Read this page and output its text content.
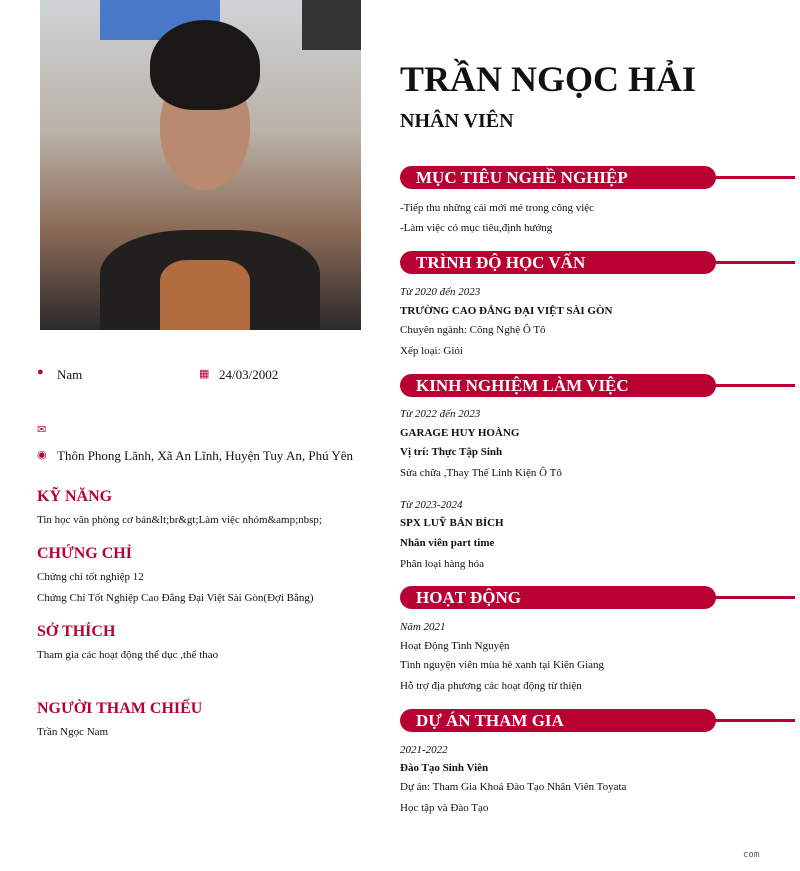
TRẦN NGỌC HẢI
NHÂN VIÊN
● Nam	▦ 24/03/2002
✉
◉ Thôn Phong Lãnh, Xã An Lĩnh, Huyện Tuy An, Phú Yên
KỸ NĂNG
Tin học văn phòng cơ bản&lt;br&gt;Làm việc nhóm&amp;nbsp;
CHỨNG CHỈ
Chứng chỉ tốt nghiệp 12
Chứng Chỉ Tốt Nghiệp Cao Đẳng Đại Việt Sài Gòn(Đợi Bằng)
SỞ THÍCH
Tham gia các hoạt động thể dục ,thể thao
NGƯỜI THAM CHIẾU
Trần Ngọc Nam
MỤC TIÊU NGHỀ NGHIỆP
-Tiếp thu những cái mới mẻ trong công việc
-Làm việc có mục tiêu,định hướng
TRÌNH ĐỘ HỌC VẤN
Từ 2020 đến 2023
TRƯỜNG CAO ĐẲNG ĐẠI VIỆT SÀI GÒN
Chuyên ngành: Công Nghệ Ô Tô
Xếp loại: Giỏi
KINH NGHIỆM LÀM VIỆC
Từ 2022 đến 2023
GARAGE HUY HOÀNG
Vị trí: Thực Tập Sinh
Sửa chữa ,Thay Thế Linh Kiện Ô Tô
Từ 2023-2024
SPX LUỸ BÁN BÍCH
Nhân viên part time
Phân loại hàng hóa
HOẠT ĐỘNG
Năm 2021
Hoạt Động Tình Nguyện
Tình nguyện viên mùa hè xanh tại Kiên Giang
Hỗ trợ địa phương các hoạt động từ thiện
DỰ ÁN THAM GIA
2021-2022
Đào Tạo Sinh Viên
Dự án: Tham Gia Khoá Đào Tạo Nhân Viên Toyata
Học tập và Đào Tạo
com
